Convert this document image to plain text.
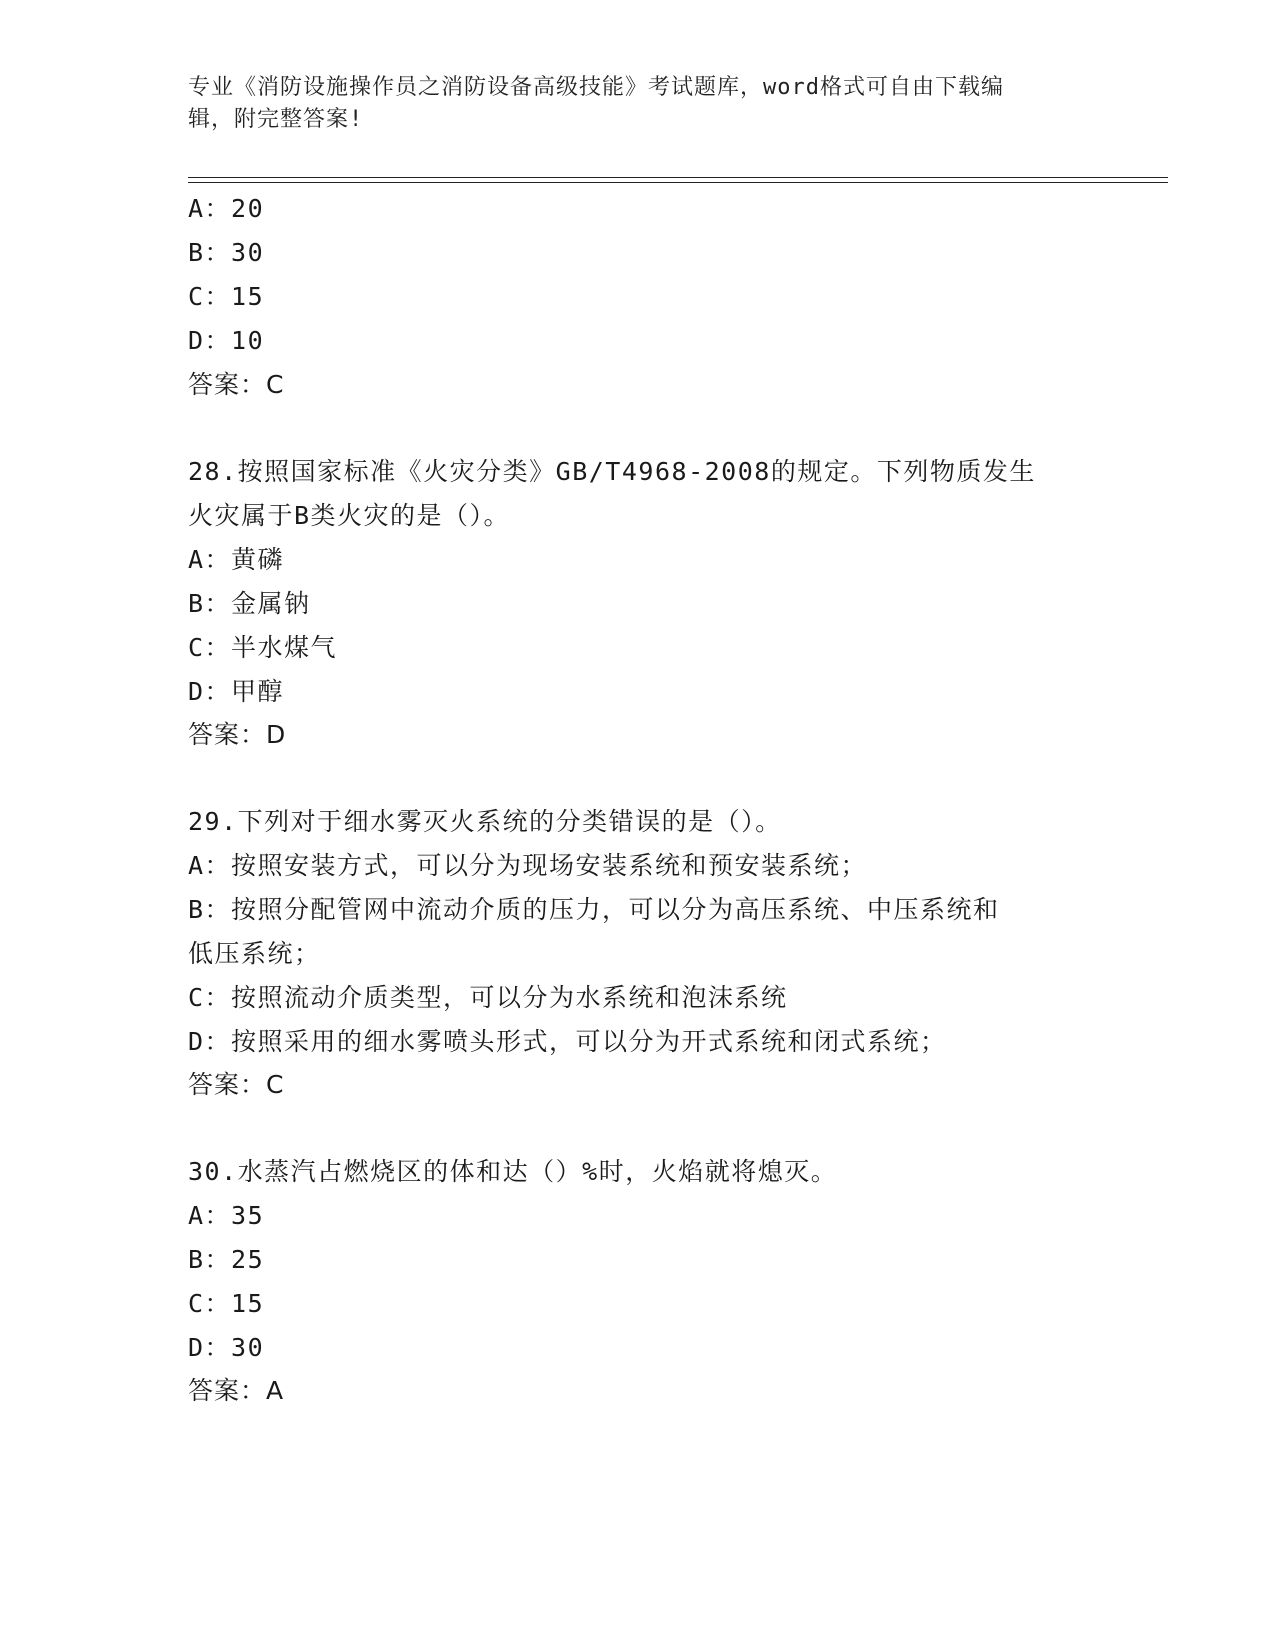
专业《消防设施操作员之消防设备高级技能》考试题库，word格式可自由下载编
辑，附完整答案!
A：20
B：30
C：15
D：10
答案：C
28.按照国家标准《火灾分类》GB/T4968-2008的规定。下列物质发生
火灾属于B类火灾的是（）。
A：黄磷
B：金属钠
C：半水煤气
D：甲醇
答案：D
29.下列对于细水雾灭火系统的分类错误的是（）。
A：按照安装方式，可以分为现场安装系统和预安装系统；
B：按照分配管网中流动介质的压力，可以分为高压系统、中压系统和
低压系统；
C：按照流动介质类型，可以分为水系统和泡沫系统
D：按照采用的细水雾喷头形式，可以分为开式系统和闭式系统；
答案：C
30.水蒸汽占燃烧区的体和达（）%时，火焰就将熄灭。
A：35
B：25
C：15
D：30
答案：A
